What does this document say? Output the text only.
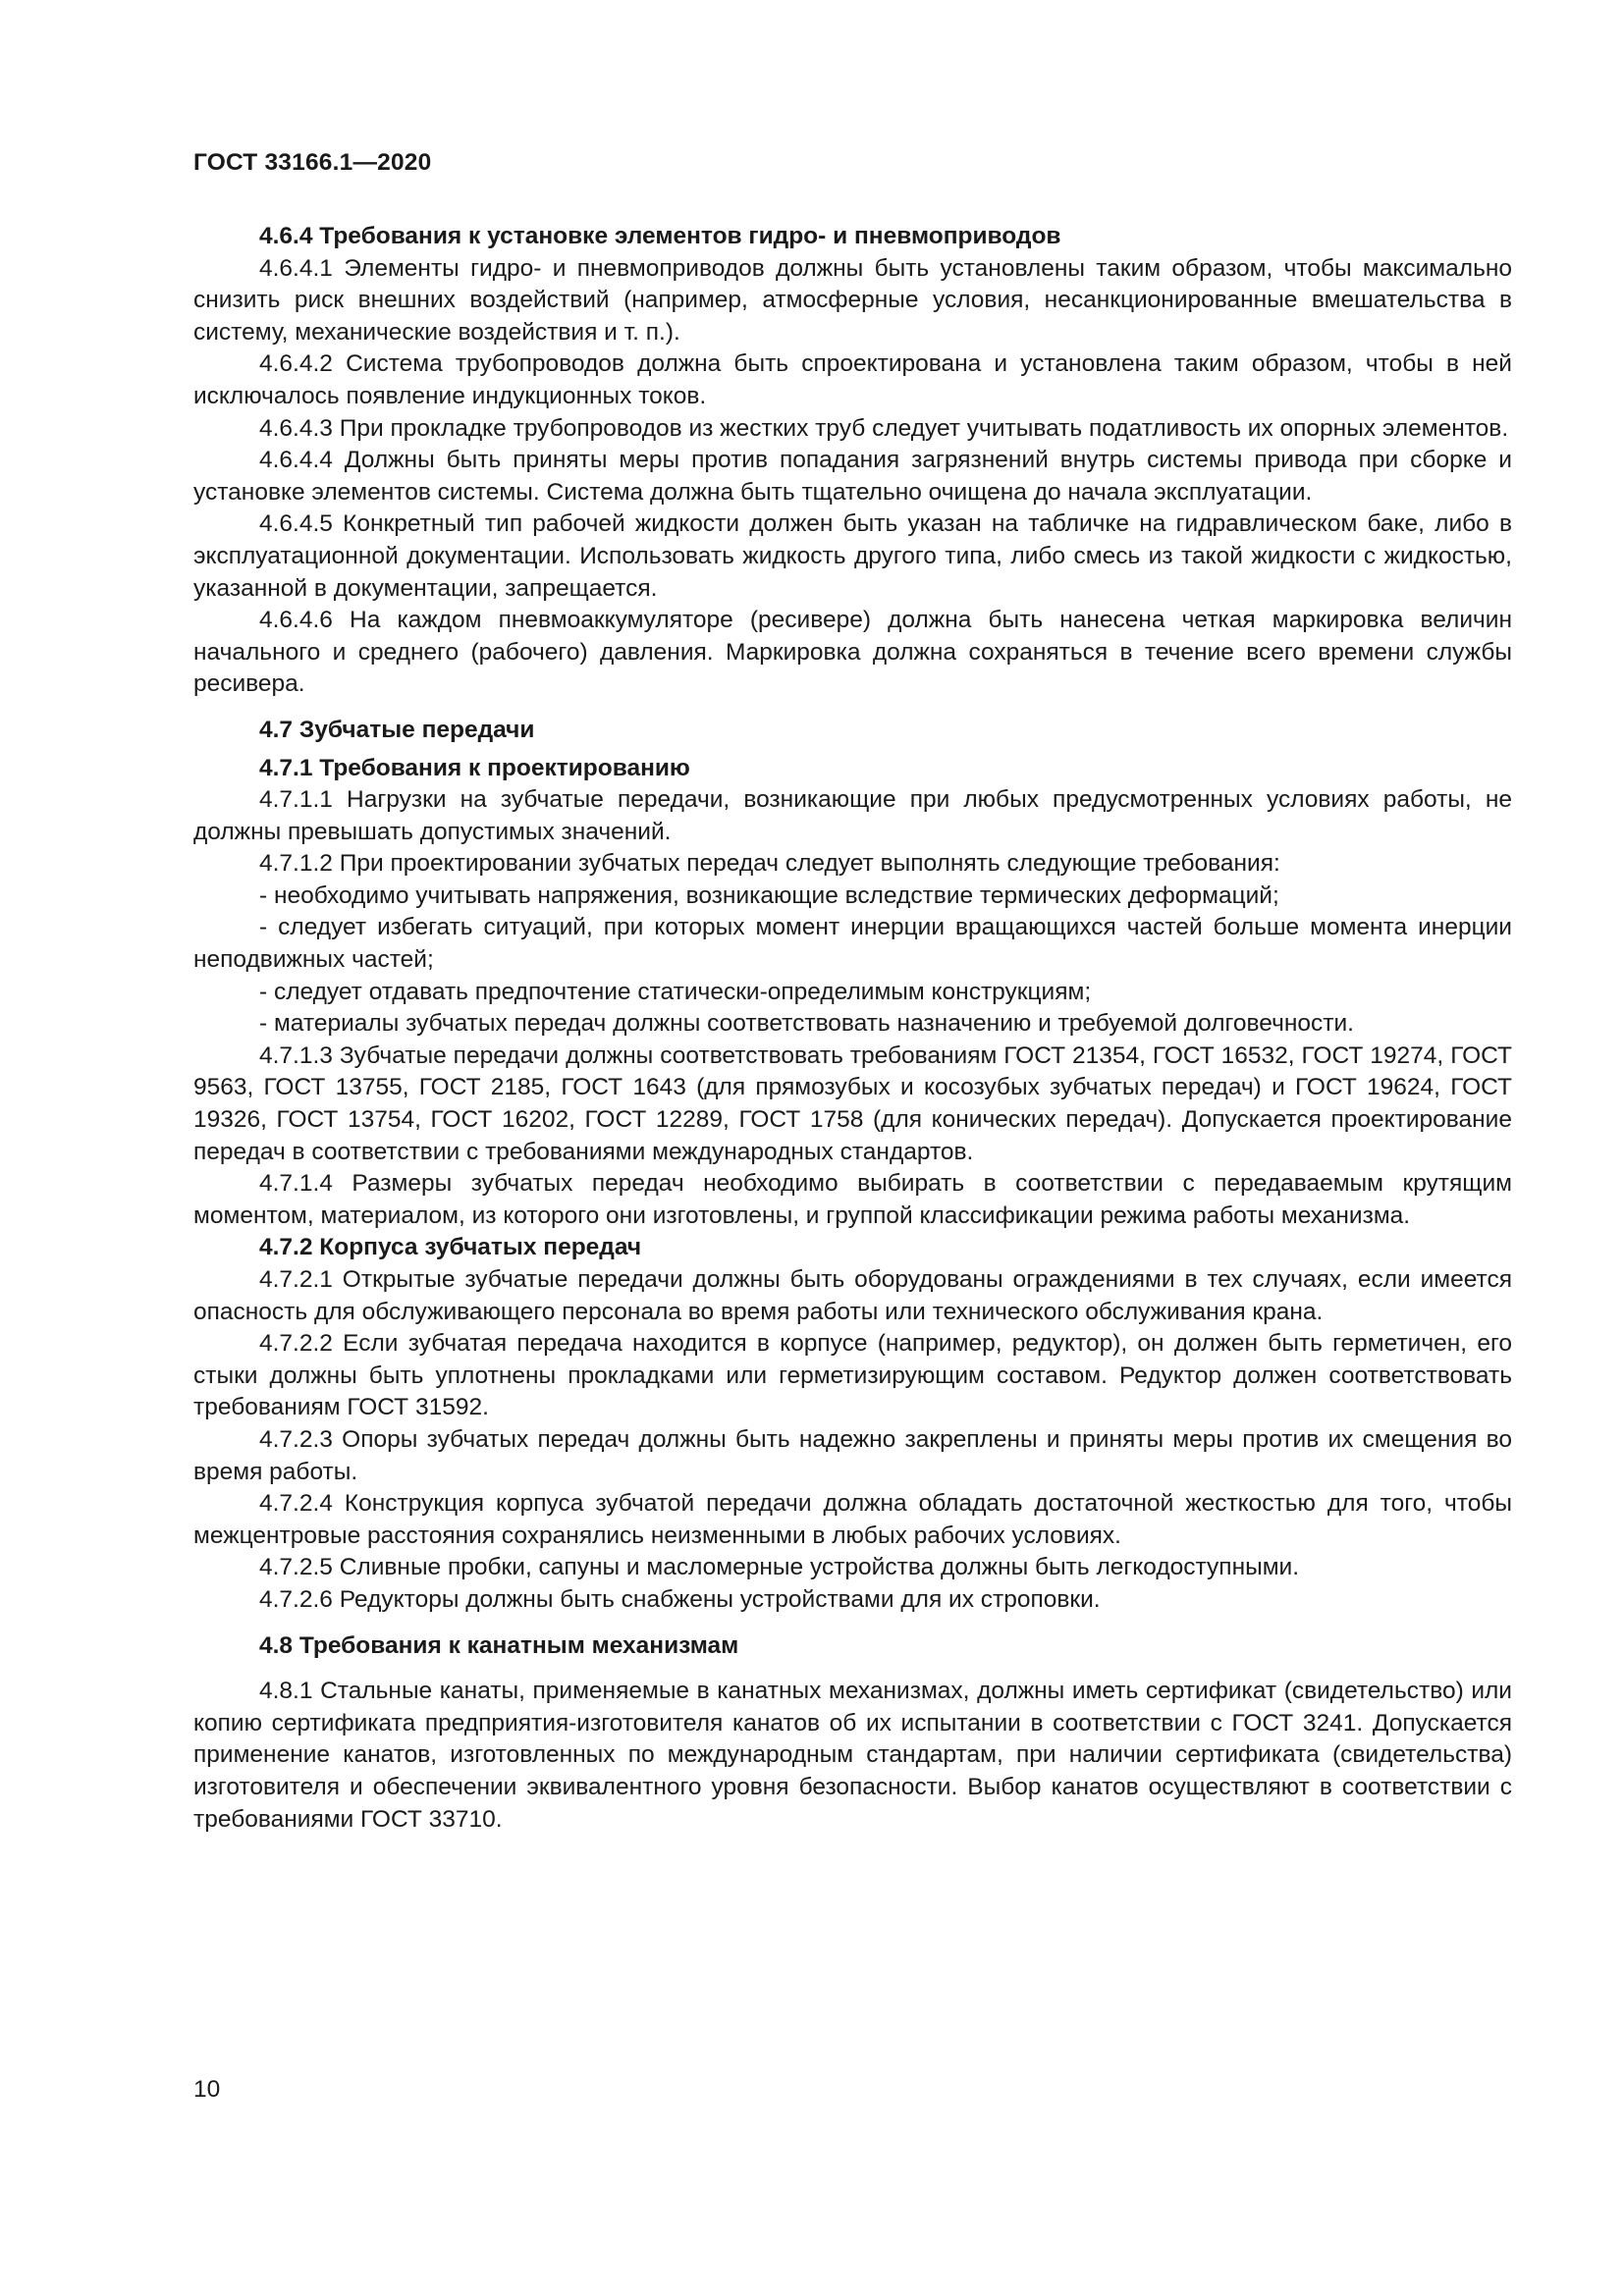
ГОСТ 33166.1—2020

4.6.4 Требования к установке элементов гидро- и пневмоприводов

4.6.4.1 Элементы гидро- и пневмоприводов должны быть установлены таким образом, чтобы максимально снизить риск внешних воздействий (например, атмосферные условия, несанкционированные вмешательства в систему, механические воздействия и т. п.).

4.6.4.2 Система трубопроводов должна быть спроектирована и установлена таким образом, чтобы в ней исключалось появление индукционных токов.

4.6.4.3 При прокладке трубопроводов из жестких труб следует учитывать податливость их опорных элементов.

4.6.4.4 Должны быть приняты меры против попадания загрязнений внутрь системы привода при сборке и установке элементов системы. Система должна быть тщательно очищена до начала эксплуатации.

4.6.4.5 Конкретный тип рабочей жидкости должен быть указан на табличке на гидравлическом баке, либо в эксплуатационной документации. Использовать жидкость другого типа, либо смесь из такой жидкости с жидкостью, указанной в документации, запрещается.

4.6.4.6 На каждом пневмоаккумуляторе (ресивере) должна быть нанесена четкая маркировка величин начального и среднего (рабочего) давления. Маркировка должна сохраняться в течение всего времени службы ресивера.

4.7 Зубчатые передачи

4.7.1 Требования к проектированию

4.7.1.1 Нагрузки на зубчатые передачи, возникающие при любых предусмотренных условиях работы, не должны превышать допустимых значений.

4.7.1.2 При проектировании зубчатых передач следует выполнять следующие требования:

- необходимо учитывать напряжения, возникающие вследствие термических деформаций;

- следует избегать ситуаций, при которых момент инерции вращающихся частей больше момента инерции неподвижных частей;

- следует отдавать предпочтение статически-определимым конструкциям;

- материалы зубчатых передач должны соответствовать назначению и требуемой долговечности.

4.7.1.3 Зубчатые передачи должны соответствовать требованиям ГОСТ 21354, ГОСТ 16532, ГОСТ 19274, ГОСТ 9563, ГОСТ 13755, ГОСТ 2185, ГОСТ 1643 (для прямозубых и косозубых зубчатых передач) и ГОСТ 19624, ГОСТ 19326, ГОСТ 13754, ГОСТ 16202, ГОСТ 12289, ГОСТ 1758 (для конических передач). Допускается проектирование передач в соответствии с требованиями международных стандартов.

4.7.1.4 Размеры зубчатых передач необходимо выбирать в соответствии с передаваемым крутящим моментом, материалом, из которого они изготовлены, и группой классификации режима работы механизма.

4.7.2 Корпуса зубчатых передач

4.7.2.1 Открытые зубчатые передачи должны быть оборудованы ограждениями в тех случаях, если имеется опасность для обслуживающего персонала во время работы или технического обслуживания крана.

4.7.2.2 Если зубчатая передача находится в корпусе (например, редуктор), он должен быть герметичен, его стыки должны быть уплотнены прокладками или герметизирующим составом. Редуктор должен соответствовать требованиям ГОСТ 31592.

4.7.2.3 Опоры зубчатых передач должны быть надежно закреплены и приняты меры против их смещения во время работы.

4.7.2.4 Конструкция корпуса зубчатой передачи должна обладать достаточной жесткостью для того, чтобы межцентровые расстояния сохранялись неизменными в любых рабочих условиях.

4.7.2.5 Сливные пробки, сапуны и масломерные устройства должны быть легкодоступными.

4.7.2.6 Редукторы должны быть снабжены устройствами для их строповки.

4.8 Требования к канатным механизмам

4.8.1 Стальные канаты, применяемые в канатных механизмах, должны иметь сертификат (свидетельство) или копию сертификата предприятия-изготовителя канатов об их испытании в соответствии с ГОСТ 3241. Допускается применение канатов, изготовленных по международным стандартам, при наличии сертификата (свидетельства) изготовителя и обеспечении эквивалентного уровня безопасности. Выбор канатов осуществляют в соответствии с требованиями ГОСТ 33710.

10
